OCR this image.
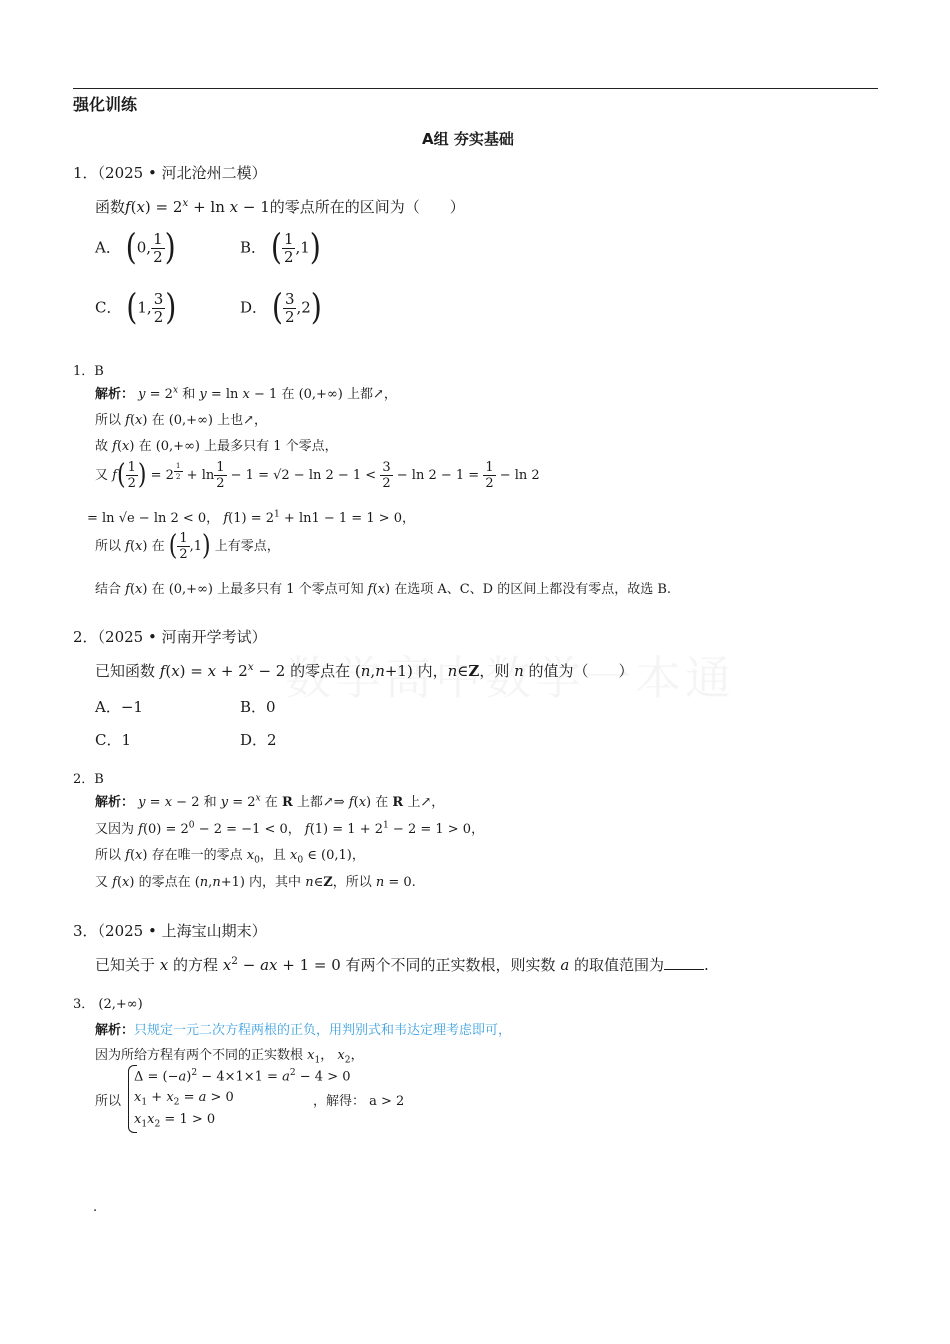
强化训练
A组 夯实基础
1．（2025 • 河北沧州二模）
函数$f(x) = 2^x + \ln x - 1$的零点所在的区间为（　　）
A． (0, $\frac{1}{2}$ )	B． ( $\frac{1}{2} ,1$)
C． (1, $\frac{3}{2}$ )	D． ( $\frac{3}{2} ,2$)
1．B
解析： $y = 2^x$ 和 y = ln x − 1 在 (0,+∞) 上都↗，
所以 f(x) 在 (0,+∞) 上也↗，
故 f(x) 在 (0,+∞) 上最多只有 1 个零点，
又 $f( \frac{1}{2}$ ) = 2 $^{\frac{1}{2}} + \ln \frac{1}{2} - 1 = √2 - \ln 2 - 1 < \frac{3}{2} - \ln 2 - 1 = \frac{1}{2} - \ln 2$
= ln √e − ln 2 < 0， $f(1) = 2^1 + \ln 1 - 1 = 1 > 0$，
所以 f(x) 在 ( $\frac{1}{2} ,1$) 上有零点，
结合 f(x) 在 (0,+∞) 上最多只有 1 个零点可知 f(x) 在选项 A、C、D 的区间上都没有零点，故选 B.
2．（2025 • 河南开学考试）
已知函数 $f(x) = x + 2^x - 2$ 的零点在 (n,n+1) 内，n∈Z，则 n 的值为（　　）
A．−1	B．0
C．1	D．2
2．B
解析： y = x − 2 和 $y = 2^x$ 在 R 上都↗⇒ f(x) 在 R 上↗，
又因为 $f(0) = 2^0 - 2 = -1 < 0$， $f(1) = 1 + 2^1 - 2 = 1 > 0$，
所以 f(x) 存在唯一的零点 $x_0$，且 $x_0$ ∈ (0,1)，
又 f(x) 的零点在 (n,n+1) 内，其中 n∈Z，所以 n = 0.
3．（2025 • 上海宝山期末）
已知关于 x 的方程 $x^2$ − ax + 1 = 0 有两个不同的正实数根，则实数 a 的取值范围为	.
3． (2,+∞)
解析：只规定一元二次方程两根的正负，用判别式和韦达定理考虑即可，
因为所给方程有两个不同的正实数根 $x_1$， $x_2$，
所以
$\Delta = (-a)^2 - 4\times 1\times 1 = a^2 - 4 > 0$
$x_1 + x_2 = a > 0$
$x_1x_2 = 1 > 0$
，解得： a > 2
.
